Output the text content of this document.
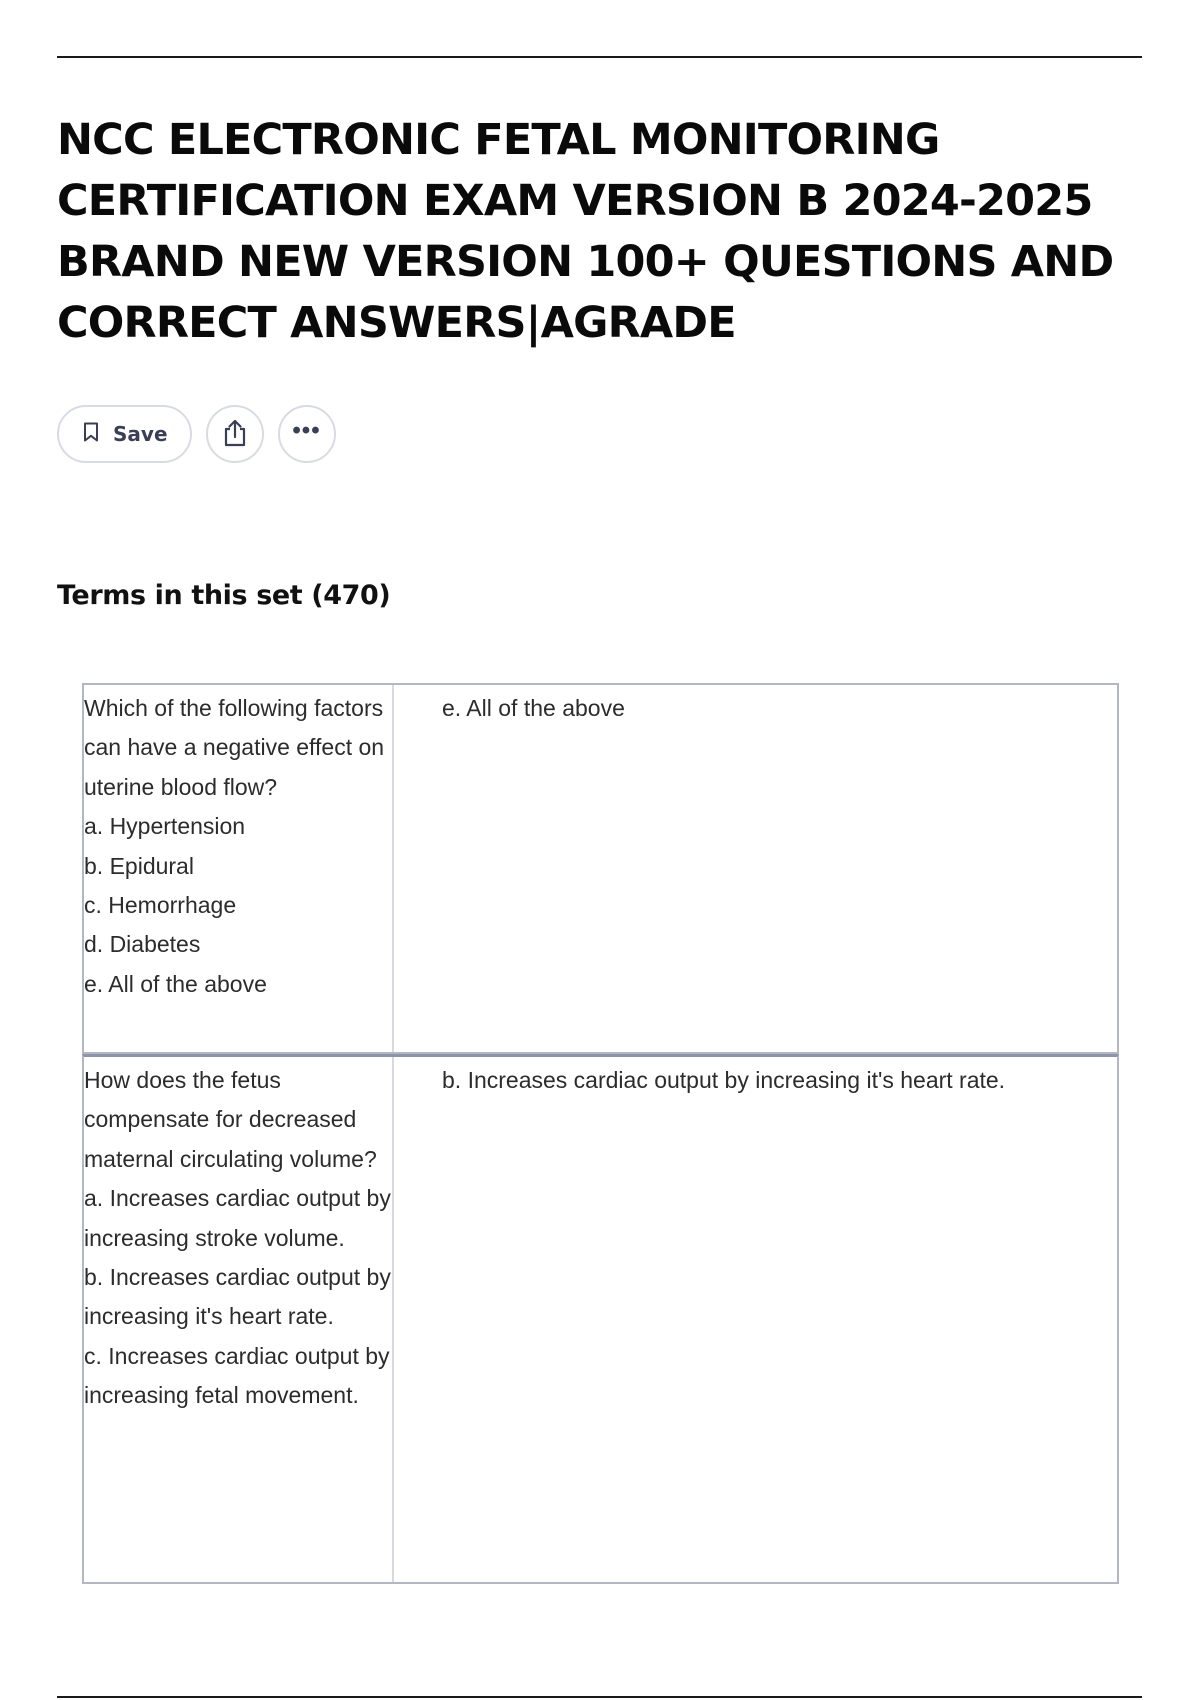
NCC ELECTRONIC FETAL MONITORING CERTIFICATION EXAM VERSION B 2024-2025 BRAND NEW VERSION 100+ QUESTIONS AND CORRECT ANSWERS|AGRADE
Save	•••
Terms in this set (470)
Which of the following factors can have a negative effect on uterine blood flow?
a. Hypertension
b. Epidural
c. Hemorrhage
d. Diabetes
e. All of the above
e. All of the above
How does the fetus compensate for decreased maternal circulating volume?
a. Increases cardiac output by increasing stroke volume.
b. Increases cardiac output by increasing it's heart rate.
c. Increases cardiac output by increasing fetal movement.
b. Increases cardiac output by increasing it's heart rate.
